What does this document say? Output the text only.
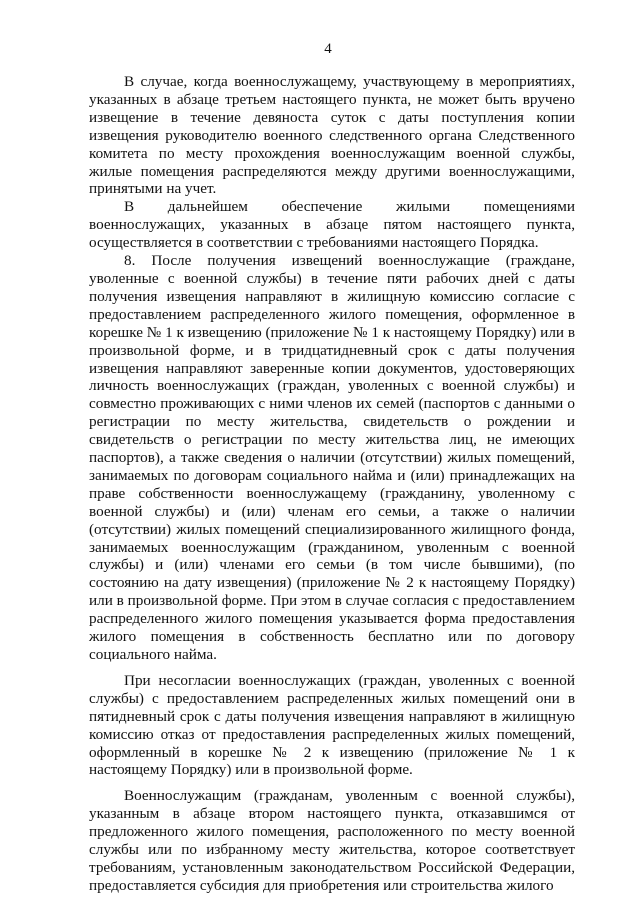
4

В случае, когда военнослужащему, участвующему в мероприятиях, указанных в абзаце третьем настоящего пункта, не может быть вручено извещение в течение девяноста суток с даты поступления копии извещения руководителю военного следственного органа Следственного комитета по месту прохождения военнослужащим военной службы, жилые помещения распределяются между другими военнослужащими, принятыми на учет.

В дальнейшем обеспечение жилыми помещениями военнослужащих, указанных в абзаце пятом настоящего пункта, осуществляется в соответствии с требованиями настоящего Порядка.

8. После получения извещений военнослужащие (граждане, уволенные с военной службы) в течение пяти рабочих дней с даты получения извещения направляют в жилищную комиссию согласие с предоставлением распределенного жилого помещения, оформленное в корешке № 1 к извещению (приложение № 1 к настоящему Порядку) или в произвольной форме, и в тридцатидневный срок с даты получения извещения направляют заверенные копии документов, удостоверяющих личность военнослужащих (граждан, уволенных с военной службы) и совместно проживающих с ними членов их семей (паспортов с данными о регистрации по месту жительства, свидетельств о рождении и свидетельств о регистрации по месту жительства лиц, не имеющих паспортов), а также сведения о наличии (отсутствии) жилых помещений, занимаемых по договорам социального найма и (или) принадлежащих на праве собственности военнослужащему (гражданину, уволенному с военной службы) и (или) членам его семьи, а также о наличии (отсутствии) жилых помещений специализированного жилищного фонда, занимаемых военнослужащим (гражданином, уволенным с военной службы) и (или) членами его семьи (в том числе бывшими), (по состоянию на дату извещения) (приложение № 2 к настоящему Порядку) или в произвольной форме. При этом в случае согласия с предоставлением распределенного жилого помещения указывается форма предоставления жилого помещения в собственность бесплатно или по договору социального найма.

При несогласии военнослужащих (граждан, уволенных с военной службы) с предоставлением распределенных жилых помещений они в пятидневный срок с даты получения извещения направляют в жилищную комиссию отказ от предоставления распределенных жилых помещений, оформленный в корешке № 2 к извещению (приложение № 1 к настоящему Порядку) или в произвольной форме.

Военнослужащим (гражданам, уволенным с военной службы), указанным в абзаце втором настоящего пункта, отказавшимся от предложенного жилого помещения, расположенного по месту военной службы или по избранному месту жительства, которое соответствует требованиям, установленным законодательством Российской Федерации, предоставляется субсидия для приобретения или строительства жилого
